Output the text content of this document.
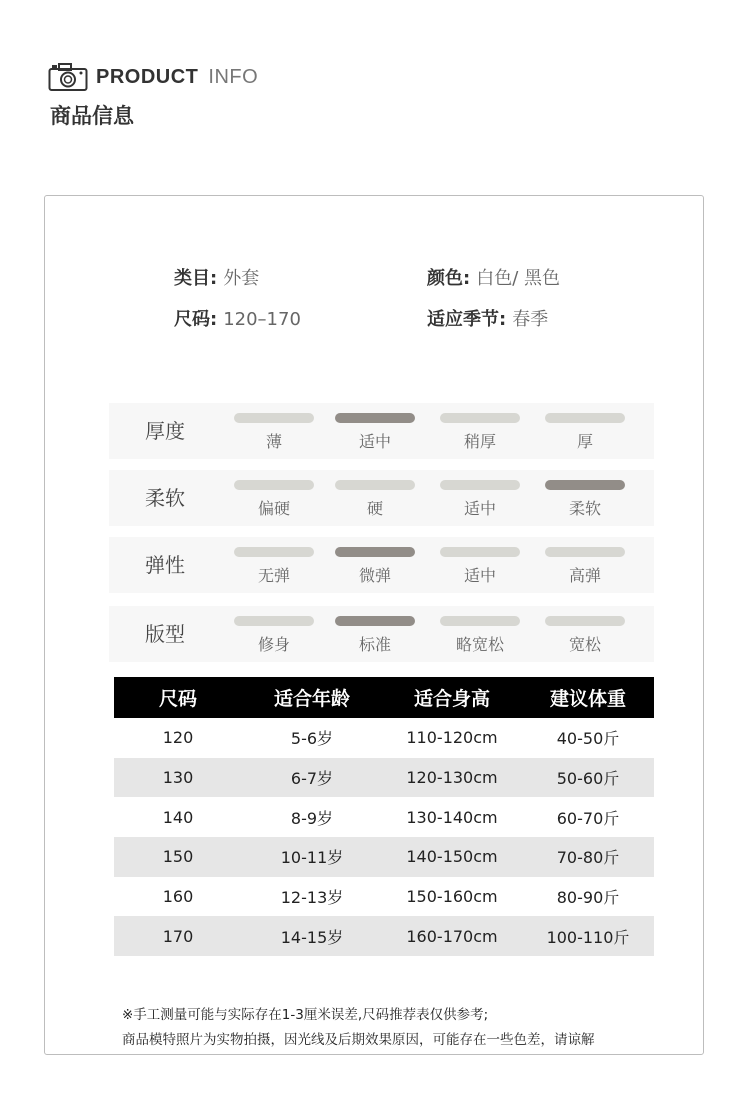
PRODUCT INFO
商品信息
类目: 外套	颜色: 白色/ 黑色
尺码: 120–170	适应季节: 春季
厚度	薄	适中	稍厚	厚
柔软	偏硬	硬	适中	柔软
弹性	无弹	微弹	适中	高弹
版型	修身	标准	略宽松	宽松
尺码	适合年龄	适合身高	建议体重
120	5-6岁	110-120cm	40-50斤
130	6-7岁	120-130cm	50-60斤
140	8-9岁	130-140cm	60-70斤
150	10-11岁	140-150cm	70-80斤
160	12-13岁	150-160cm	80-90斤
170	14-15岁	160-170cm	100-110斤
※手工测量可能与实际存在1-3厘米误差,尺码推荐表仅供参考;
商品模特照片为实物拍摄，因光线及后期效果原因，可能存在一些色差，请谅解
